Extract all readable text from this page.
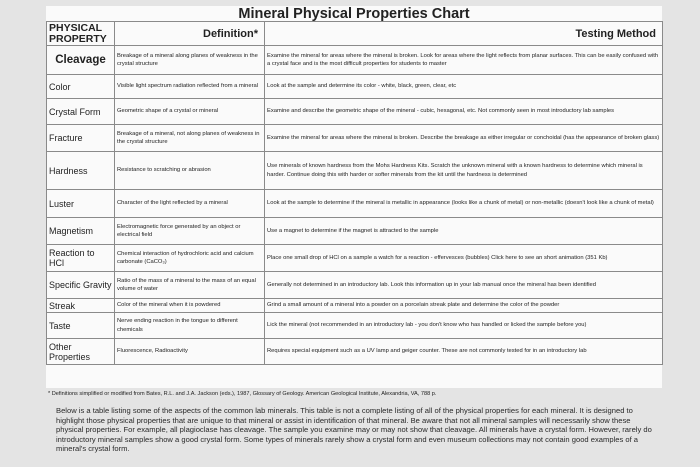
Mineral Physical Properties Chart
PHYSICAL PROPERTY	Definition*	Testing Method
Cleavage	Breakage of a mineral along planes of weakness in the crystal structure	Examine the mineral for areas where the mineral is broken. Look for areas where the light reflects from planar surfaces. This can be easily confused with a crystal face and is the most difficult properties for students to master
Color	Visible light spectrum radiation reflected from a mineral	Look at the sample and determine its color - white, black, green, clear, etc
Crystal Form	Geometric shape of a crystal or mineral	Examine and describe the geometric shape of the mineral - cubic, hexagonal, etc. Not commonly seen in most introductory lab samples
Fracture	Breakage of a mineral, not along planes of weakness in the crystal structure	Examine the mineral for areas where the mineral is broken. Describe the breakage as either irregular or conchoidal (has the appearance of broken glass)
Hardness	Resistance to scratching or abrasion	Use minerals of known hardness from the Mohs Hardness Kits. Scratch the unknown mineral with a known hardness to determine which mineral is harder. Continue doing this with harder or softer minerals from the kit until the hardness is determined
Luster	Character of the light reflected by a mineral	Look at the sample to determine if the mineral is metallic in appearance (looks like a chunk of metal) or non-metallic (doesn't look like a chunk of metal)
Magnetism	Electromagnetic force generated by an object or electrical field	Use a magnet to determine if the magnet is attracted to the sample
Reaction to HCl	Chemical interaction of hydrochloric acid and calcium carbonate (CaCO₃)	Place one small drop of HCl on a sample a watch for a reaction - effervesces (bubbles) Click here to see an short animation (351 Kb)
Specific Gravity	Ratio of the mass of a mineral to the mass of an equal volume of water	Generally not determined in an introductory lab. Look this information up in your lab manual once the mineral has been identified
Streak	Color of the mineral when it is powdered	Grind a small amount of a mineral into a powder on a porcelain streak plate and determine the color of the powder
Taste	Nerve ending reaction in the tongue to different chemicals	Lick the mineral (not recommended in an introductory lab - you don't know who has handled or licked the sample before you)
Other Properties	Fluorescence, Radioactivity	Requires special equipment such as a UV lamp and geiger counter. These are not commonly tested for in an introductory lab
* Definitions simplified or modified from Bates, R.L. and J.A. Jackson (eds.), 1987, Glossary of Geology. American Geological Institute, Alexandria, VA, 788 p.
Below is a table listing some of the aspects of the common lab minerals. This table is not a complete listing of all of the physical properties for each mineral. It is designed to highlight those physical properties that are unique to that mineral or assist in identification of that mineral. Be aware that not all mineral samples will necessarily show these physical properties. For example, all plagioclase has cleavage. The sample you examine may or may not show that cleavage. All minerals have a crystal form. However, rarely do introductory mineral samples show a good crystal form. Some types of minerals rarely show a crystal form and even museum collections may not contain good examples of a mineral's crystal form.
